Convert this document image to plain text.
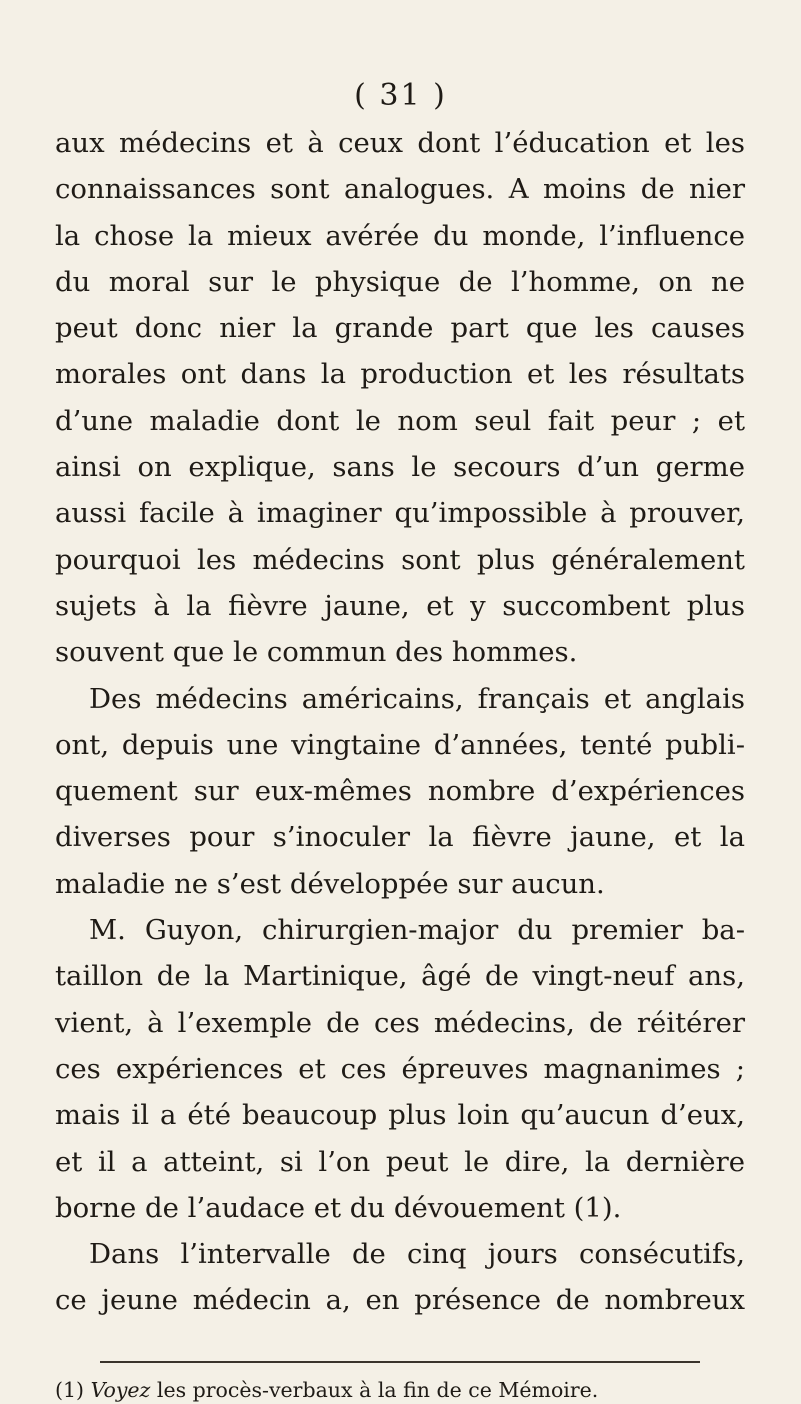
( 31 )
aux médecins et à ceux dont l’éducation et les
connaissances sont analogues. A moins de nier
la chose la mieux avérée du monde, l’influence
du moral sur le physique de l’homme, on ne
peut donc nier la grande part que les causes
morales ont dans la production et les résultats
d’une maladie dont le nom seul fait peur ; et
ainsi on explique, sans le secours d’un germe
aussi facile à imaginer qu’impossible à prouver,
pourquoi les médecins sont plus généralement
sujets à la fièvre jaune, et y succombent plus
souvent que le commun des hommes.
Des médecins américains, français et anglais
ont, depuis une vingtaine d’années, tenté publi-
quement sur eux-mêmes nombre d’expériences
diverses pour s’inoculer la fièvre jaune, et la
maladie ne s’est développée sur aucun.
M. Guyon, chirurgien-major du premier ba-
taillon de la Martinique, âgé de vingt-neuf ans,
vient, à l’exemple de ces médecins, de réitérer
ces expériences et ces épreuves magnanimes ;
mais il a été beaucoup plus loin qu’aucun d’eux,
et il a atteint, si l’on peut le dire, la dernière
borne de l’audace et du dévouement (1).
Dans l’intervalle de cinq jours consécutifs,
ce jeune médecin a, en présence de nombreux
(1) Voyez les procès-verbaux à la fin de ce Mémoire.
